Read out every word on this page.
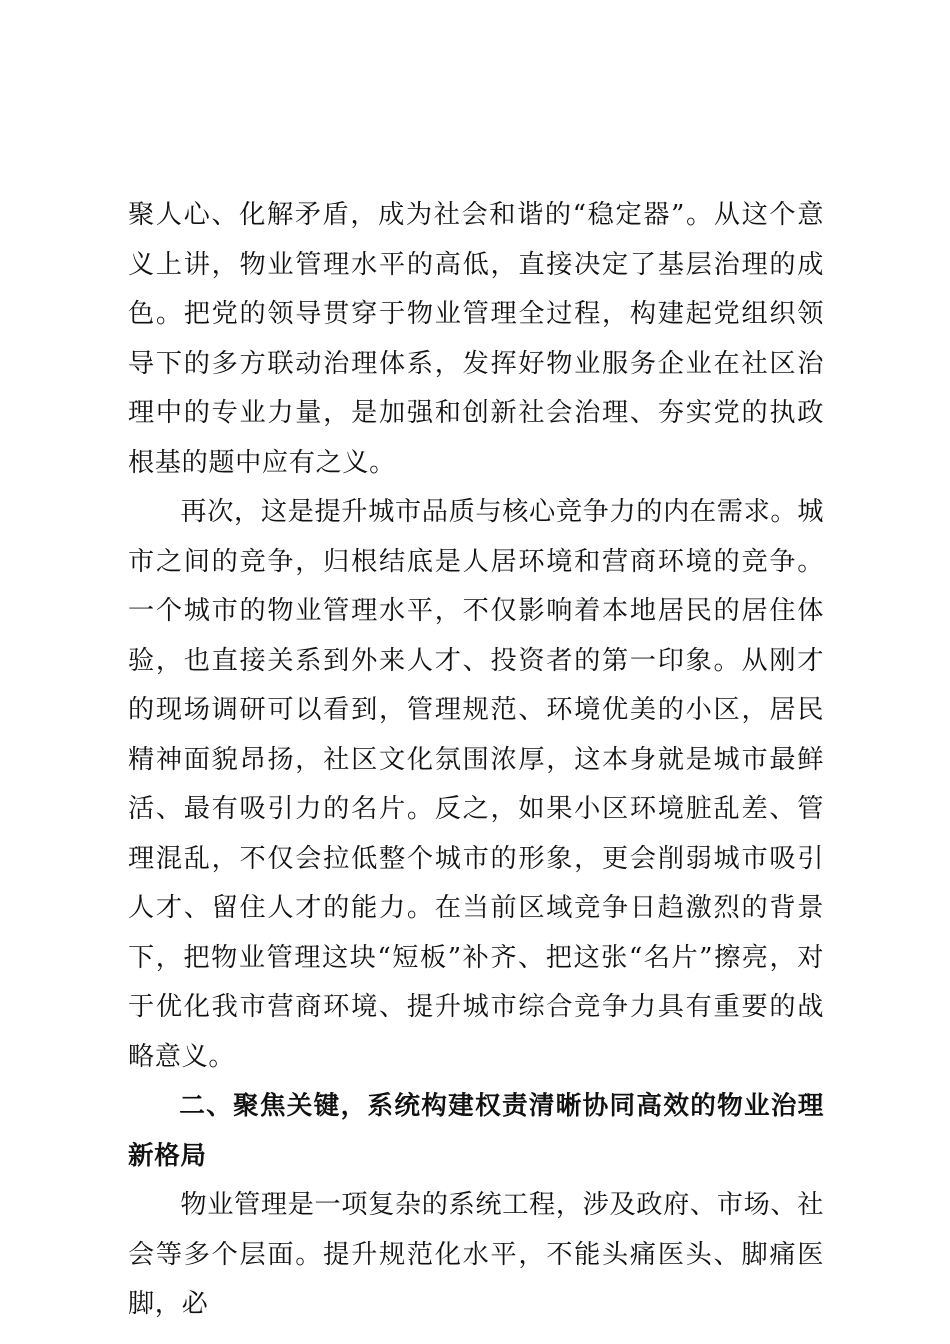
聚人心、化解矛盾，成为社会和谐的“稳定器”。从这个意义上讲，物业管理水平的高低，直接决定了基层治理的成色。把党的领导贯穿于物业管理全过程，构建起党组织领导下的多方联动治理体系，发挥好物业服务企业在社区治理中的专业力量，是加强和创新社会治理、夯实党的执政根基的题中应有之义。

再次，这是提升城市品质与核心竞争力的内在需求。城市之间的竞争，归根结底是人居环境和营商环境的竞争。一个城市的物业管理水平，不仅影响着本地居民的居住体验，也直接关系到外来人才、投资者的第一印象。从刚才的现场调研可以看到，管理规范、环境优美的小区，居民精神面貌昂扬，社区文化氛围浓厚，这本身就是城市最鲜活、最有吸引力的名片。反之，如果小区环境脏乱差、管理混乱，不仅会拉低整个城市的形象，更会削弱城市吸引人才、留住人才的能力。在当前区域竞争日趋激烈的背景下，把物业管理这块“短板”补齐、把这张“名片”擦亮，对于优化我市营商环境、提升城市综合竞争力具有重要的战略意义。

二、聚焦关键，系统构建权责清晰协同高效的物业治理新格局

物业管理是一项复杂的系统工程，涉及政府、市场、社会等多个层面。提升规范化水平，不能头痛医头、脚痛医脚，必
